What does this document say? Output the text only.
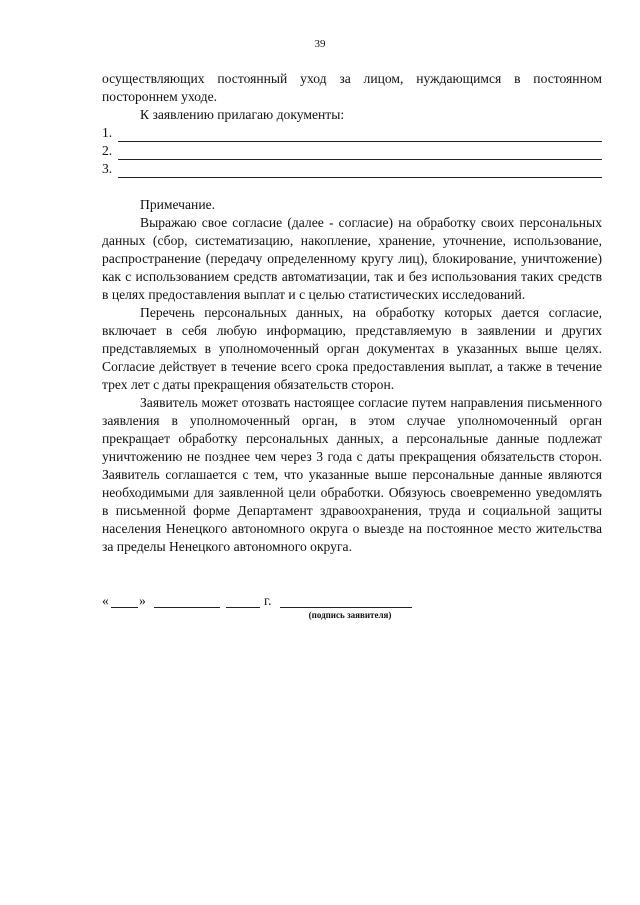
39

осуществляющих постоянный уход за лицом, нуждающимся в постоянном постороннем уходе.

К заявлению прилагаю документы:

1.
2.
3.

Примечание.

Выражаю свое согласие (далее - согласие) на обработку своих персональных данных (сбор, систематизацию, накопление, хранение, уточнение, использование, распространение (передачу определенному кругу лиц), блокирование, уничтожение) как с использованием средств автоматизации, так и без использования таких средств в целях предоставления выплат и с целью статистических исследований.

Перечень персональных данных, на обработку которых дается согласие, включает в себя любую информацию, представляемую в заявлении и других представляемых в уполномоченный орган документах в указанных выше целях. Согласие действует в течение всего срока предоставления выплат, а также в течение трех лет с даты прекращения обязательств сторон.

Заявитель может отозвать настоящее согласие путем направления письменного заявления в уполномоченный орган, в этом случае уполномоченный орган прекращает обработку персональных данных, а персональные данные подлежат уничтожению не позднее чем через 3 года с даты прекращения обязательств сторон. Заявитель соглашается с тем, что указанные выше персональные данные являются необходимыми для заявленной цели обработки. Обязуюсь своевременно уведомлять в письменной форме Департамент здравоохранения, труда и социальной защиты населения Ненецкого автономного округа о выезде на постоянное место жительства за пределы Ненецкого автономного округа.

« »	г.
(подпись заявителя)
